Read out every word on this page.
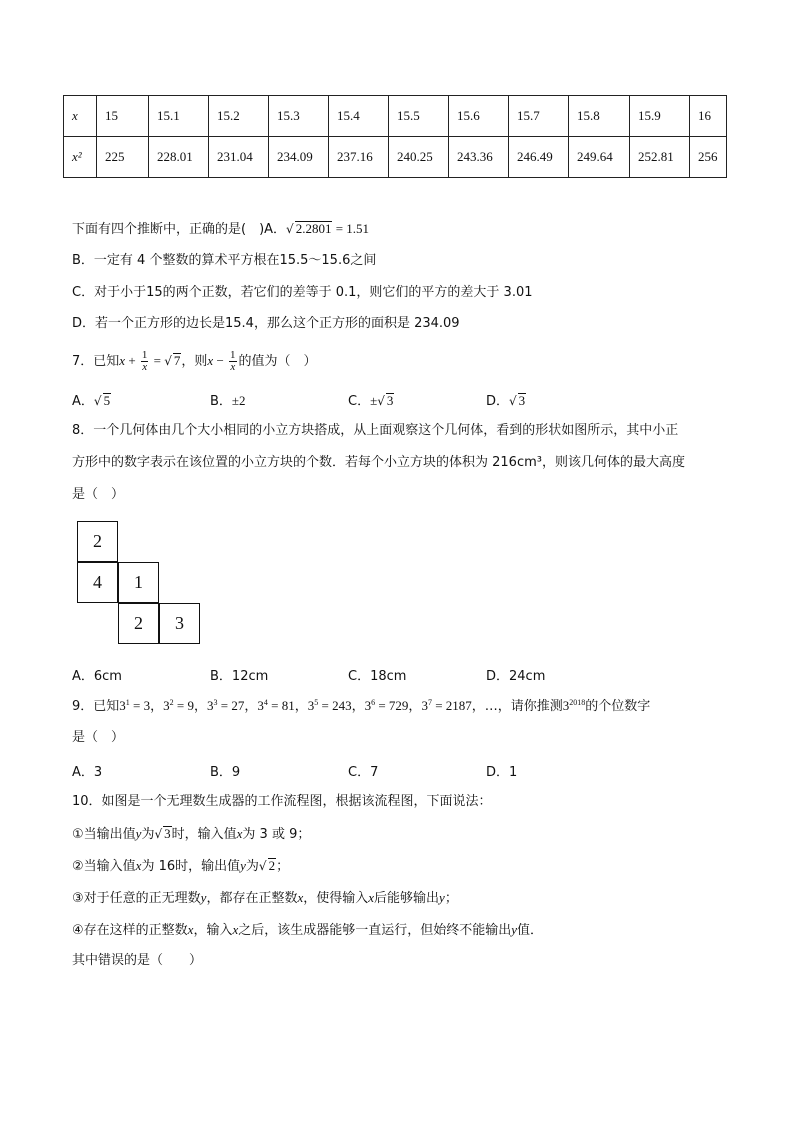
x	15	15.1	15.2	15.3	15.4	15.5	15.6	15.7	15.8	15.9	16
x²	225	228.01	231.04	234.09	237.16	240.25	243.36	246.49	249.64	252.81	256
下面有四个推断中，正确的是(　)A．√ 2.2801 = 1.51
B．一定有 4 个整数的算术平方根在15.5～15.6之间
C．对于小于15的两个正数，若它们的差等于 0.1，则它们的平方的差大于 3.01
D．若一个正方形的边长是15.4，那么这个正方形的面积是 234.09
7．已知$x + \frac{1}{x}$ = √ 7，则$x - \frac{1}{x}$ 的值为（　）
A．√ 5	B．±2	C．±√ 3	D．√ 3
8．一个几何体由几个大小相同的小立方块搭成，从上面观察这个几何体，看到的形状如图所示，其中小正
方形中的数字表示在该位置的小立方块的个数．若每个小立方块的体积为 216cm³，则该几何体的最大高度
是（　）
2
4	1
2	3
A．6cm	B．12cm	C．18cm	D．24cm
9．已知$3^1 = 3$，$3^2 = 9$，$3^3 = 27$，$3^4 = 81$，$3^5 = 243$，$3^6 = 729$，$3^7 = 2187$，…，请你推测$3^{2018}$的个位数字
是（　）
A．3	B．9	C．7	D．1
10．如图是一个无理数生成器的工作流程图，根据该流程图，下面说法：
①当输出值y为√ 3时，输入值x为 3 或 9；
②当输入值x为 16时，输出值y为√ 2；
③对于任意的正无理数y，都存在正整数x，使得输入x后能够输出y；
④存在这样的正整数x，输入x之后，该生成器能够一直运行，但始终不能输出y值．
其中错误的是（　　）
